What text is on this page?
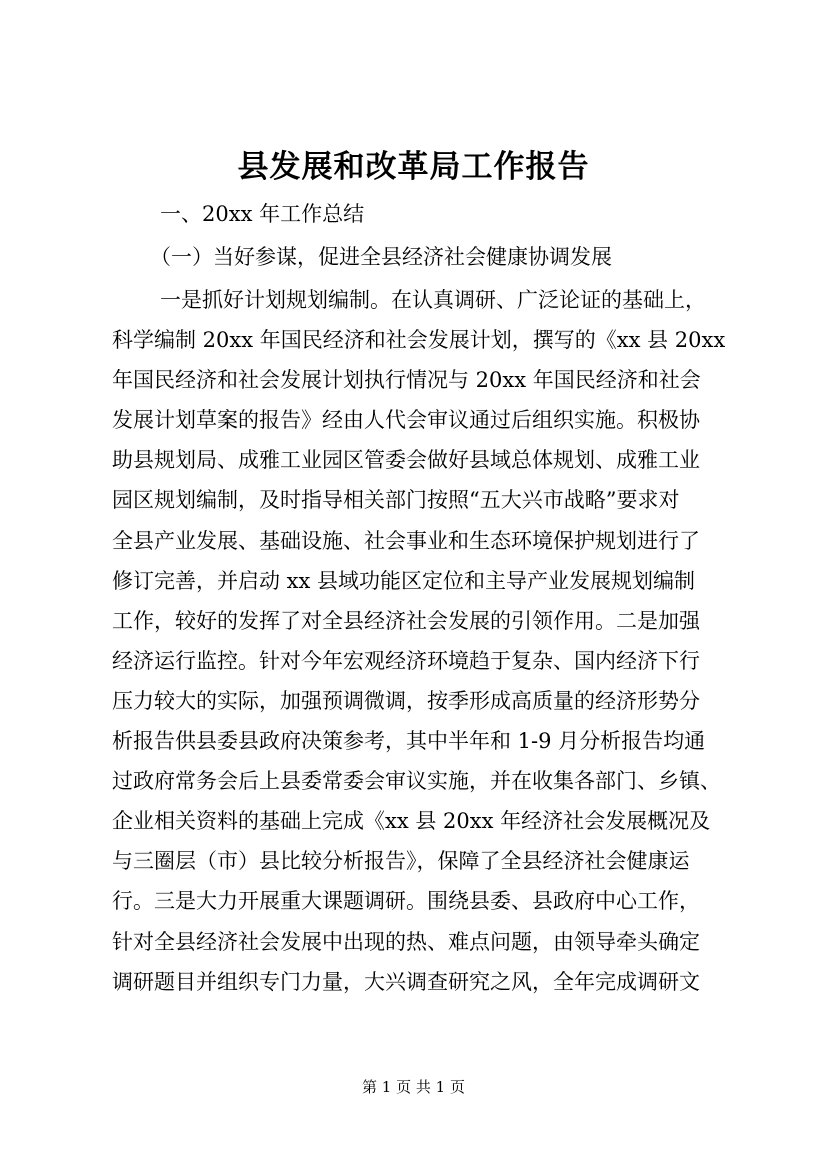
县发展和改革局工作报告
一、20xx 年工作总结
（一）当好参谋，促进全县经济社会健康协调发展
一是抓好计划规划编制。在认真调研、广泛论证的基础上，
科学编制 20xx 年国民经济和社会发展计划，撰写的《xx 县 20xx
年国民经济和社会发展计划执行情况与 20xx 年国民经济和社会
发展计划草案的报告》经由人代会审议通过后组织实施。积极协
助县规划局、成雅工业园区管委会做好县域总体规划、成雅工业
园区规划编制，及时指导相关部门按照“五大兴市战略”要求对
全县产业发展、基础设施、社会事业和生态环境保护规划进行了
修订完善，并启动 xx 县域功能区定位和主导产业发展规划编制
工作，较好的发挥了对全县经济社会发展的引领作用。二是加强
经济运行监控。针对今年宏观经济环境趋于复杂、国内经济下行
压力较大的实际，加强预调微调，按季形成高质量的经济形势分
析报告供县委县政府决策参考，其中半年和 1-9 月分析报告均通
过政府常务会后上县委常委会审议实施，并在收集各部门、乡镇、
企业相关资料的基础上完成《xx 县 20xx 年经济社会发展概况及
与三圈层（市）县比较分析报告》，保障了全县经济社会健康运
行。三是大力开展重大课题调研。围绕县委、县政府中心工作，
针对全县经济社会发展中出现的热、难点问题，由领导牵头确定
调研题目并组织专门力量，大兴调查研究之风，全年完成调研文
第 1 页 共 1 页
